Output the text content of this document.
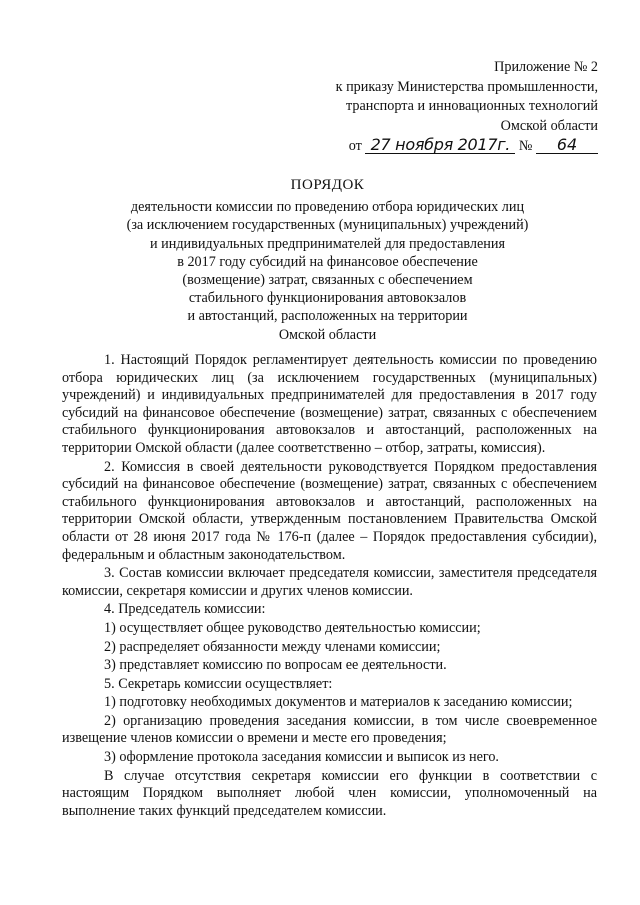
Приложение № 2
к приказу Министерства промышленности,
транспорта и инновационных технологий
Омской области
от 27 ноября 2017г. № 64
ПОРЯДОК
деятельности комиссии по проведению отбора юридических лиц
(за исключением государственных (муниципальных) учреждений)
и индивидуальных предпринимателей для предоставления
в 2017 году субсидий на финансовое обеспечение
(возмещение) затрат, связанных с обеспечением
стабильного функционирования автовокзалов
и автостанций, расположенных на территории
Омской области

1. Настоящий Порядок регламентирует деятельность комиссии по проведению отбора юридических лиц (за исключением государственных (муниципальных) учреждений) и индивидуальных предпринимателей для предоставления в 2017 году субсидий на финансовое обеспечение (возмещение) затрат, связанных с обеспечением стабильного функционирования автовокзалов и автостанций, расположенных на территории Омской области (далее соответственно – отбор, затраты, комиссия).

2. Комиссия в своей деятельности руководствуется Порядком предоставления субсидий на финансовое обеспечение (возмещение) затрат, связанных с обеспечением стабильного функционирования автовокзалов и автостанций, расположенных на территории Омской области, утвержденным постановлением Правительства Омской области от 28 июня 2017 года № 176-п (далее – Порядок предоставления субсидии), федеральным и областным законодательством.

3. Состав комиссии включает председателя комиссии, заместителя председателя комиссии, секретаря комиссии и других членов комиссии.

4. Председатель комиссии:

1) осуществляет общее руководство деятельностью комиссии;

2) распределяет обязанности между членами комиссии;

3) представляет комиссию по вопросам ее деятельности.

5. Секретарь комиссии осуществляет:

1) подготовку необходимых документов и материалов к заседанию комиссии;

2) организацию проведения заседания комиссии, в том числе своевременное извещение членов комиссии о времени и месте его проведения;

3) оформление протокола заседания комиссии и выписок из него.

В случае отсутствия секретаря комиссии его функции в соответствии с настоящим Порядком выполняет любой член комиссии, уполномоченный на выполнение таких функций председателем комиссии.
